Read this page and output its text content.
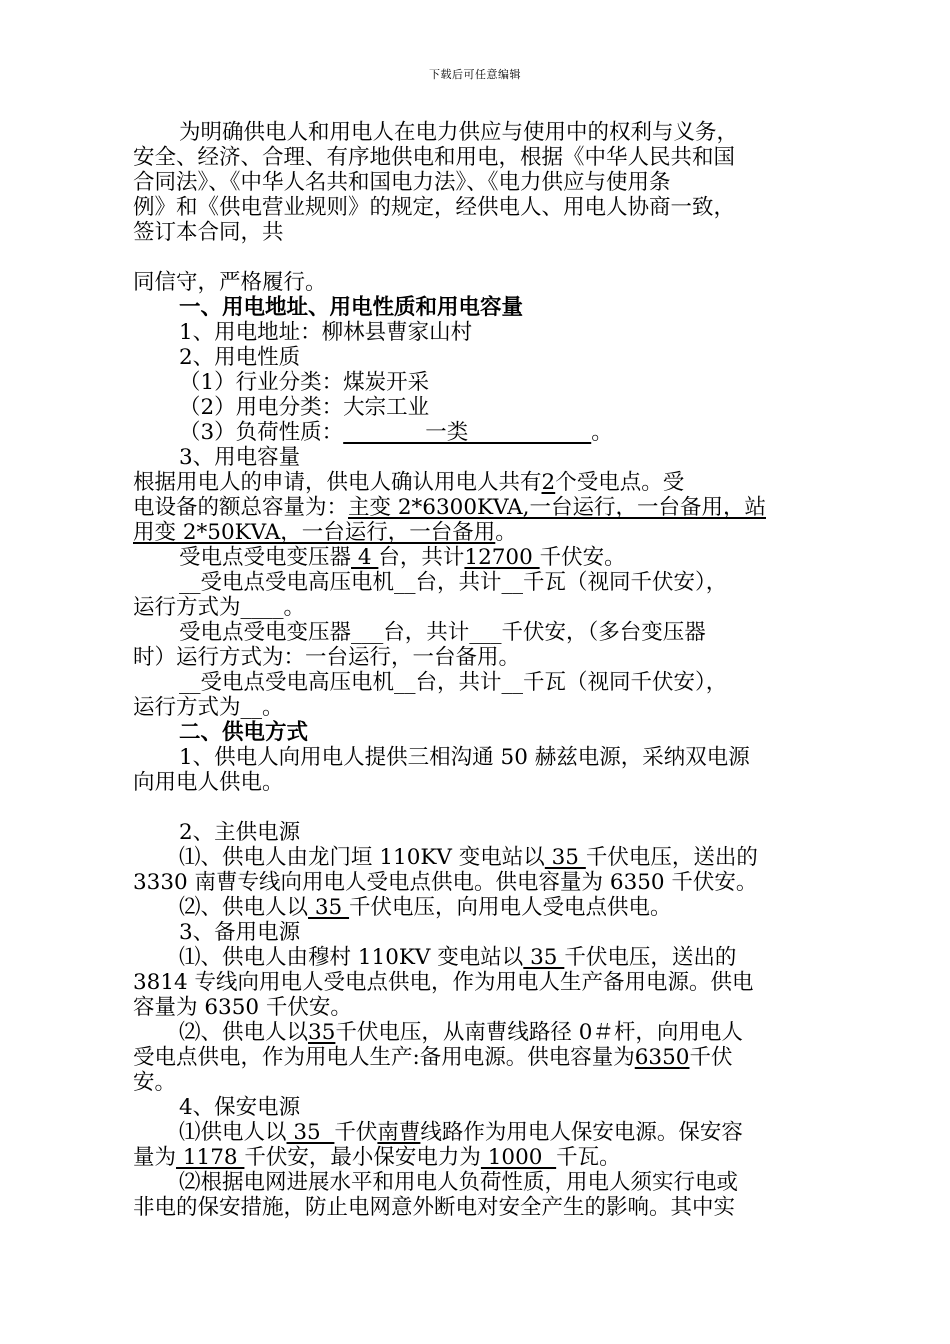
下载后可任意编辑

为明确供电人和用电人在电力供应与使用中的权利与义务，

安全、经济、合理、有序地供电和用电，根据《中华人民共和国

合同法》、《中华人名共和国电力法》、《电力供应与使用条

例》和《供电营业规则》的规定，经供电人、用电人协商一致，

签订本合同，共

同信守，严格履行。

一、用电地址、用电性质和用电容量

1、用电地址：柳林县曹家山村

2、用电性质

（1）行业分类：煤炭开采

（2）用电分类：大宗工业

（3）负荷性质：            一类                  。

3、用电容量

根据用电人的申请，供电人确认用电人共有2个受电点。受

电设备的额总容量为：主变 2*6300KVA,一台运行，一台备用，站

用变 2*50KVA，一台运行，一台备用。

受电点受电变压器 4 台，共计12700 千伏安。

__受电点受电高压电机__台，共计__千瓦（视同千伏安），

运行方式为____。

受电点受电变压器___台，共计___千伏安，（多台变压器

时）运行方式为：一台运行，一台备用。

__受电点受电高压电机__台，共计__千瓦（视同千伏安），

运行方式为__。

二、供电方式

1、供电人向用电人提供三相沟通 50 赫兹电源，采纳双电源

向用电人供电。

2、主供电源

⑴、供电人由龙门垣 110KV 变电站以 35 千伏电压，送出的

3330 南曹专线向用电人受电点供电。供电容量为 6350 千伏安。

⑵、供电人以 35 千伏电压，向用电人受电点供电。

3、备用电源

⑴、供电人由穆村 110KV 变电站以 35 千伏电压，送出的

3814 专线向用电人受电点供电，作为用电人生产备用电源。供电

容量为 6350 千伏安。

⑵、供电人以35千伏电压，从南曹线路径 0＃杆，向用电人

受电点供电，作为用电人生产:备用电源。供电容量为6350千伏

安。

4、保安电源

⑴供电人以 35  千伏南曹线路作为用电人保安电源。保安容

量为 1178 千伏安，最小保安电力为 1000  千瓦。

⑵根据电网进展水平和用电人负荷性质，用电人须实行电或

非电的保安措施，防止电网意外断电对安全产生的影响。其中实
